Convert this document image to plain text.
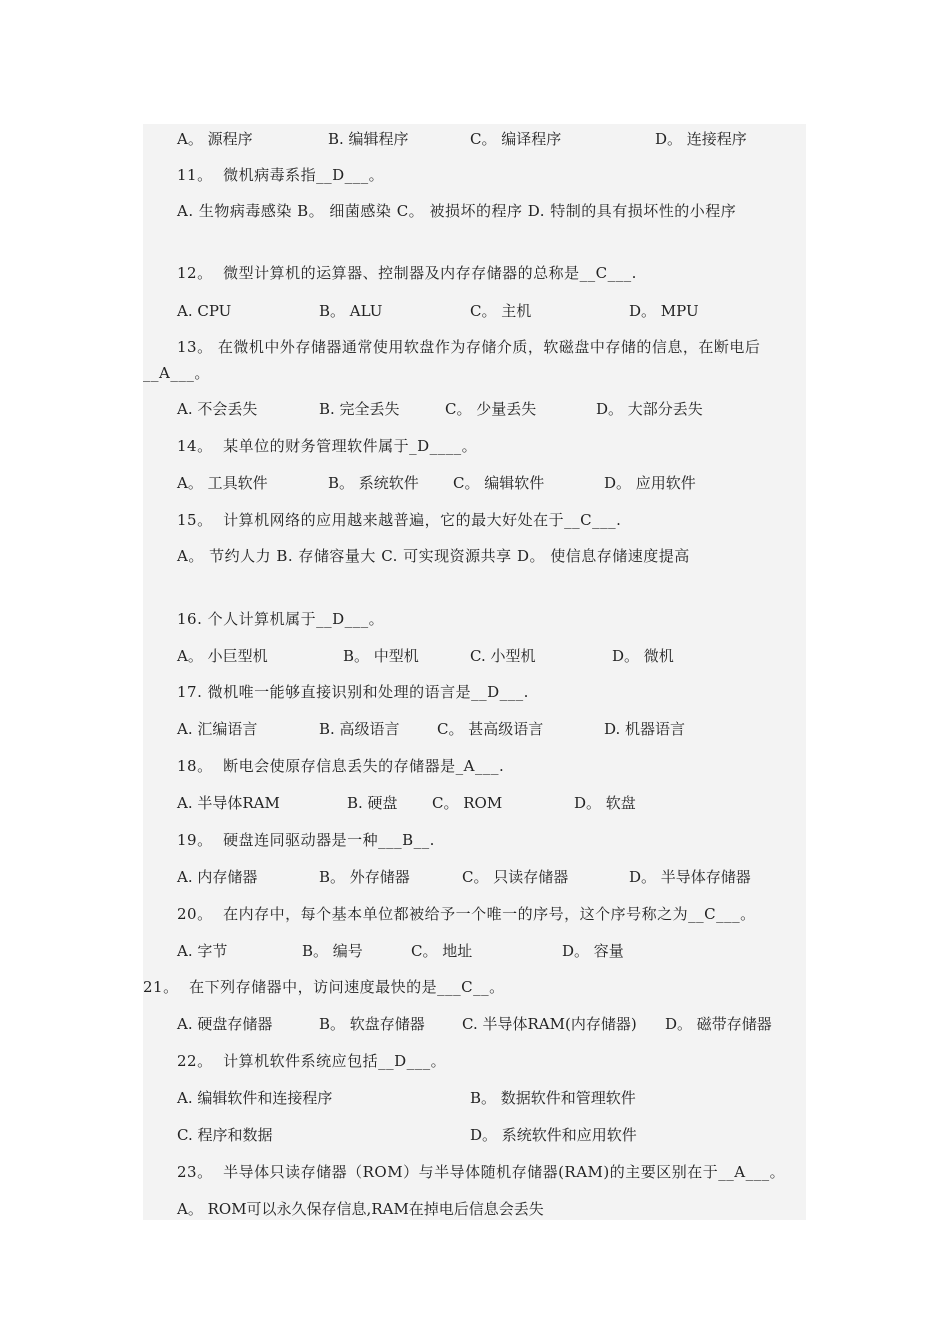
A。 源程序	B. 编辑程序	C。 编译程序	D。 连接程序
11。  微机病毒系指__D___。
A. 生物病毒感染 B。 细菌感染 C。 被损坏的程序 D. 特制的具有损坏性的小程序
12。  微型计算机的运算器、控制器及内存存储器的总称是__C___.
A. CPU	B。 ALU	C。 主机	D。 MPU
13。 在微机中外存储器通常使用软盘作为存储介质，软磁盘中存储的信息，在断电后__A___。
A. 不会丢失	B. 完全丢失	C。 少量丢失	D。 大部分丢失
14。  某单位的财务管理软件属于_D____。
A。 工具软件	B。 系统软件 C。 编辑软件	D。 应用软件
15。  计算机网络的应用越来越普遍，它的最大好处在于__C___.
A。 节约人力 B. 存储容量大 C. 可实现资源共享 D。 使信息存储速度提高
16. 个人计算机属于__D___。
A。 小巨型机	B。 中型机	C. 小型机	D。 微机
17. 微机唯一能够直接识别和处理的语言是__D___.
A. 汇编语言	B. 高级语言 C。 甚高级语言	D. 机器语言
18。  断电会使原存信息丢失的存储器是_A___.
A. 半导体RAM	B. 硬盘 C。 ROM	D。 软盘
19。  硬盘连同驱动器是一种___B__.
A. 内存储器	B。 外存储器	C。 只读存储器	D。 半导体存储器
20。  在内存中，每个基本单位都被给予一个唯一的序号，这个序号称之为__C___。
A. 字节	B。 编号	C。 地址	D。 容量
21。  在下列存储器中，访问速度最快的是___C__。
A. 硬盘存储器	B。 软盘存储器 C. 半导体RAM(内存储器) D。 磁带存储器
22。  计算机软件系统应包括__D___。
A. 编辑软件和连接程序	B。 数据软件和管理软件
C. 程序和数据	D。 系统软件和应用软件
23。  半导体只读存储器（ROM）与半导体随机存储器(RAM)的主要区别在于__A___。
A。 ROM可以永久保存信息,RAM在掉电后信息会丢失
